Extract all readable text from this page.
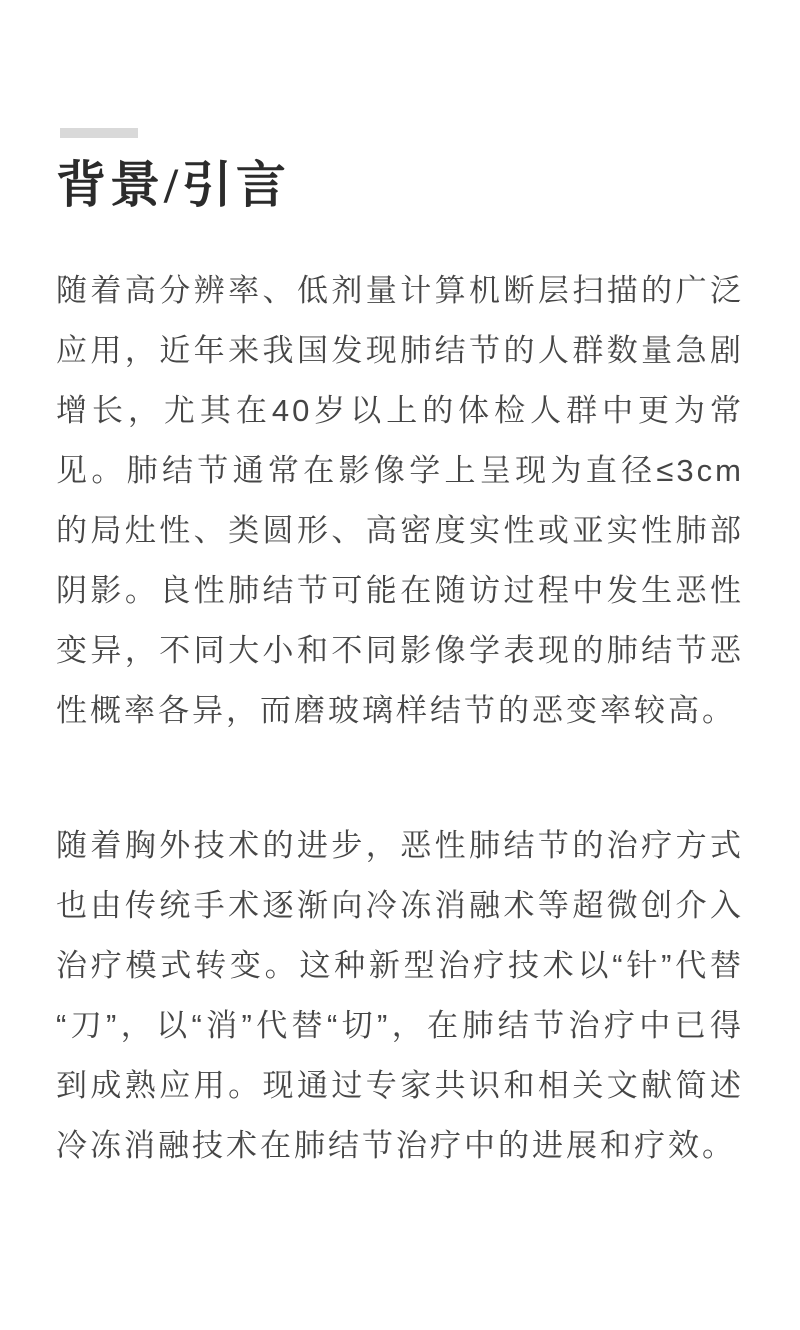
背景/引言

随着高分辨率、低剂量计算机断层扫描的广泛应用，近年来我国发现肺结节的人群数量急剧增长，尤其在40岁以上的体检人群中更为常见。肺结节通常在影像学上呈现为直径≤3cm的局灶性、类圆形、高密度实性或亚实性肺部阴影。良性肺结节可能在随访过程中发生恶性变异，不同大小和不同影像学表现的肺结节恶性概率各异，而磨玻璃样结节的恶变率较高。

随着胸外技术的进步，恶性肺结节的治疗方式也由传统手术逐渐向冷冻消融术等超微创介入治疗模式转变。这种新型治疗技术以“针”代替“刀”，以“消”代替“切”，在肺结节治疗中已得到成熟应用。现通过专家共识和相关文献简述冷冻消融技术在肺结节治疗中的进展和疗效。
